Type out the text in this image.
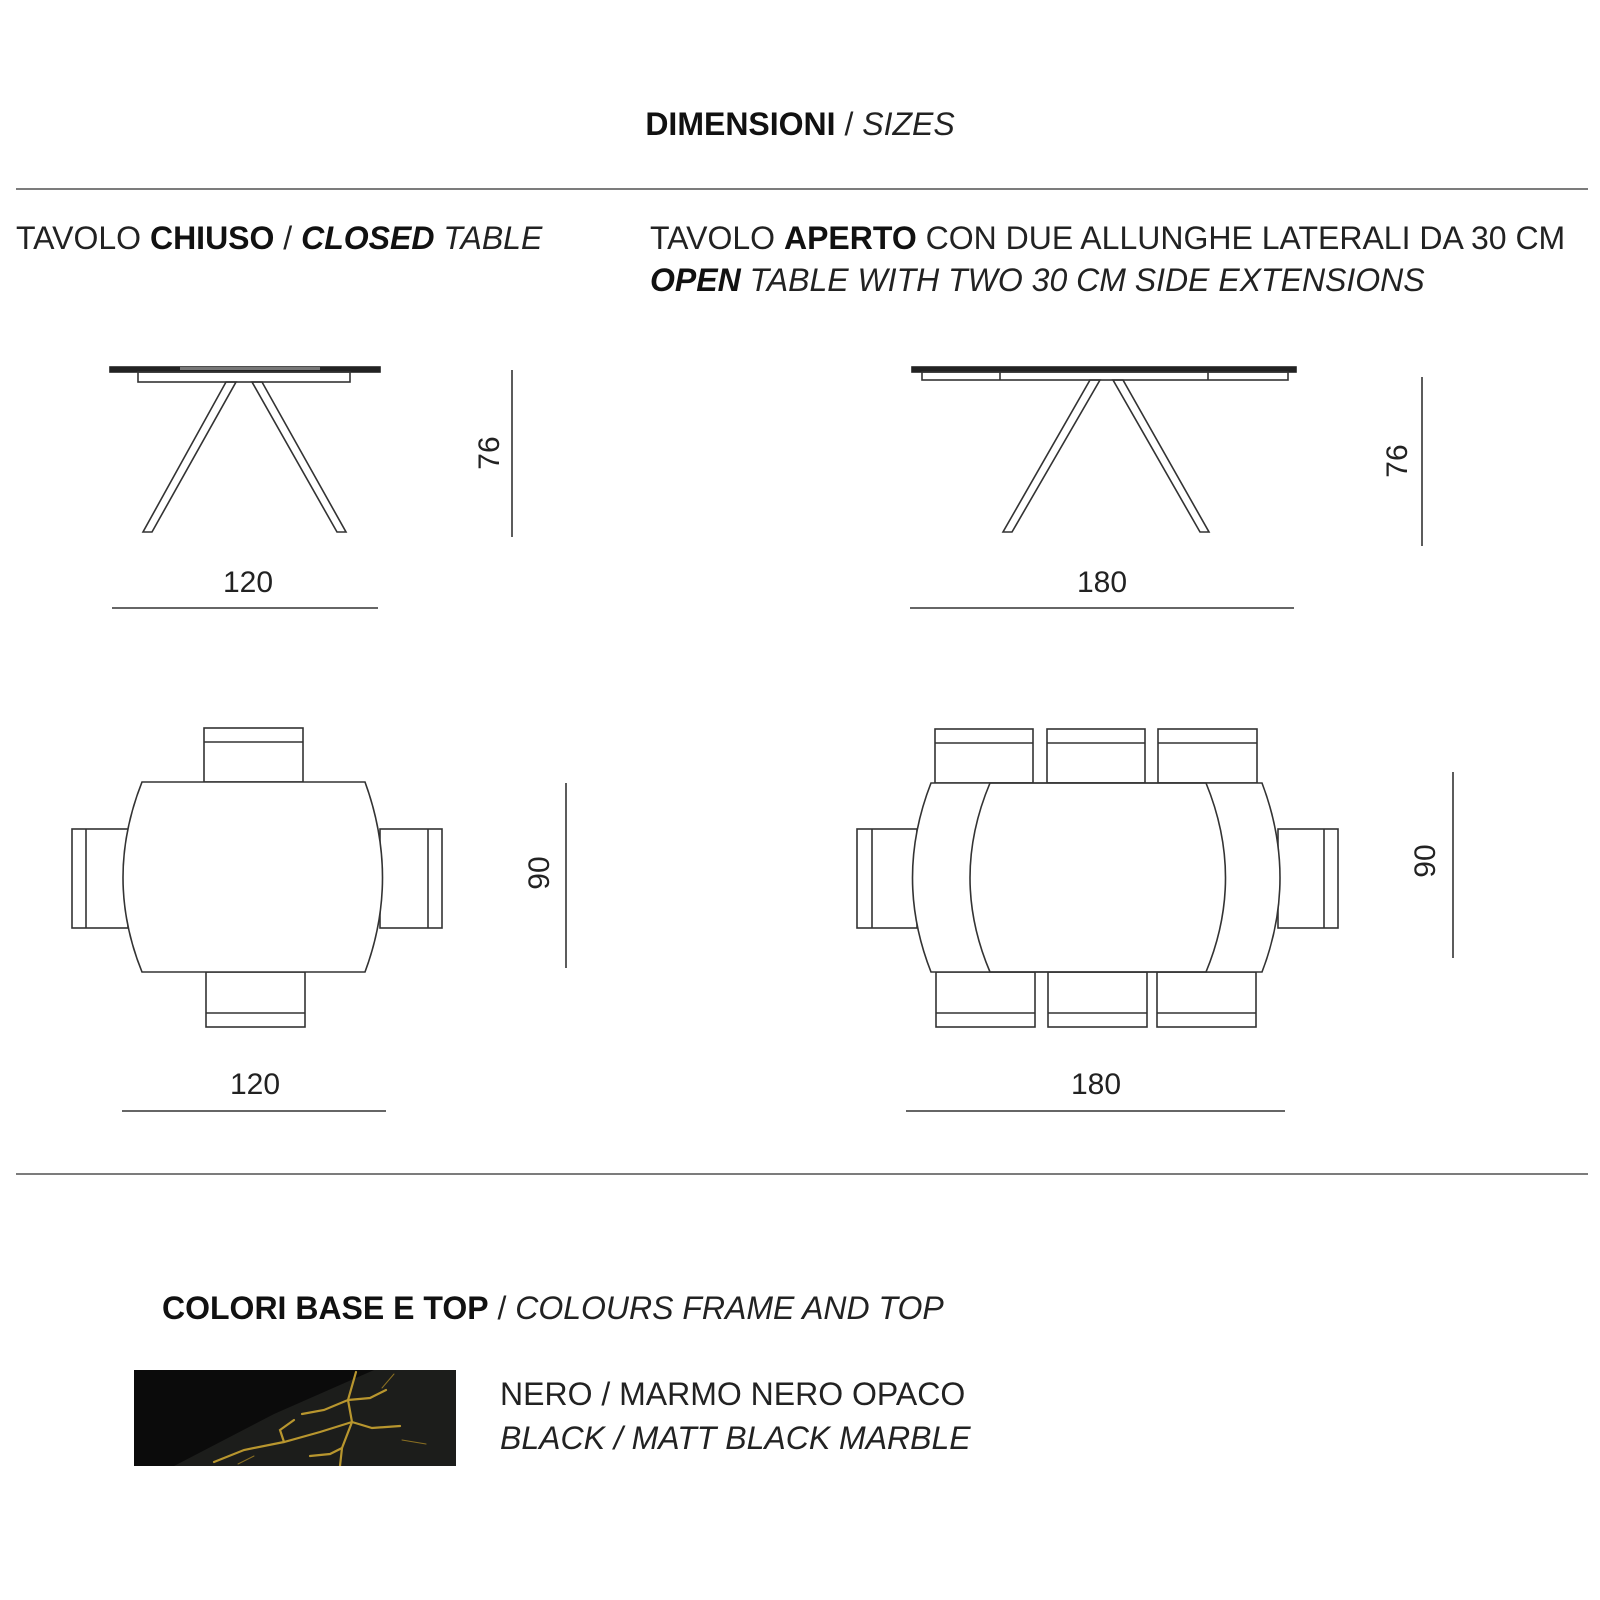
DIMENSIONI / SIZES
TAVOLO CHIUSO / CLOSED TABLE	TAVOLO APERTO CON DUE ALLUNGHE LATERALI DA 30 CM
OPEN TABLE WITH TWO 30 CM SIDE EXTENSIONS
120
76
180
76
120
90
180
90
COLORI BASE E TOP / COLOURS FRAME AND TOP
NERO / MARMO NERO OPACO
BLACK / MATT BLACK MARBLE
